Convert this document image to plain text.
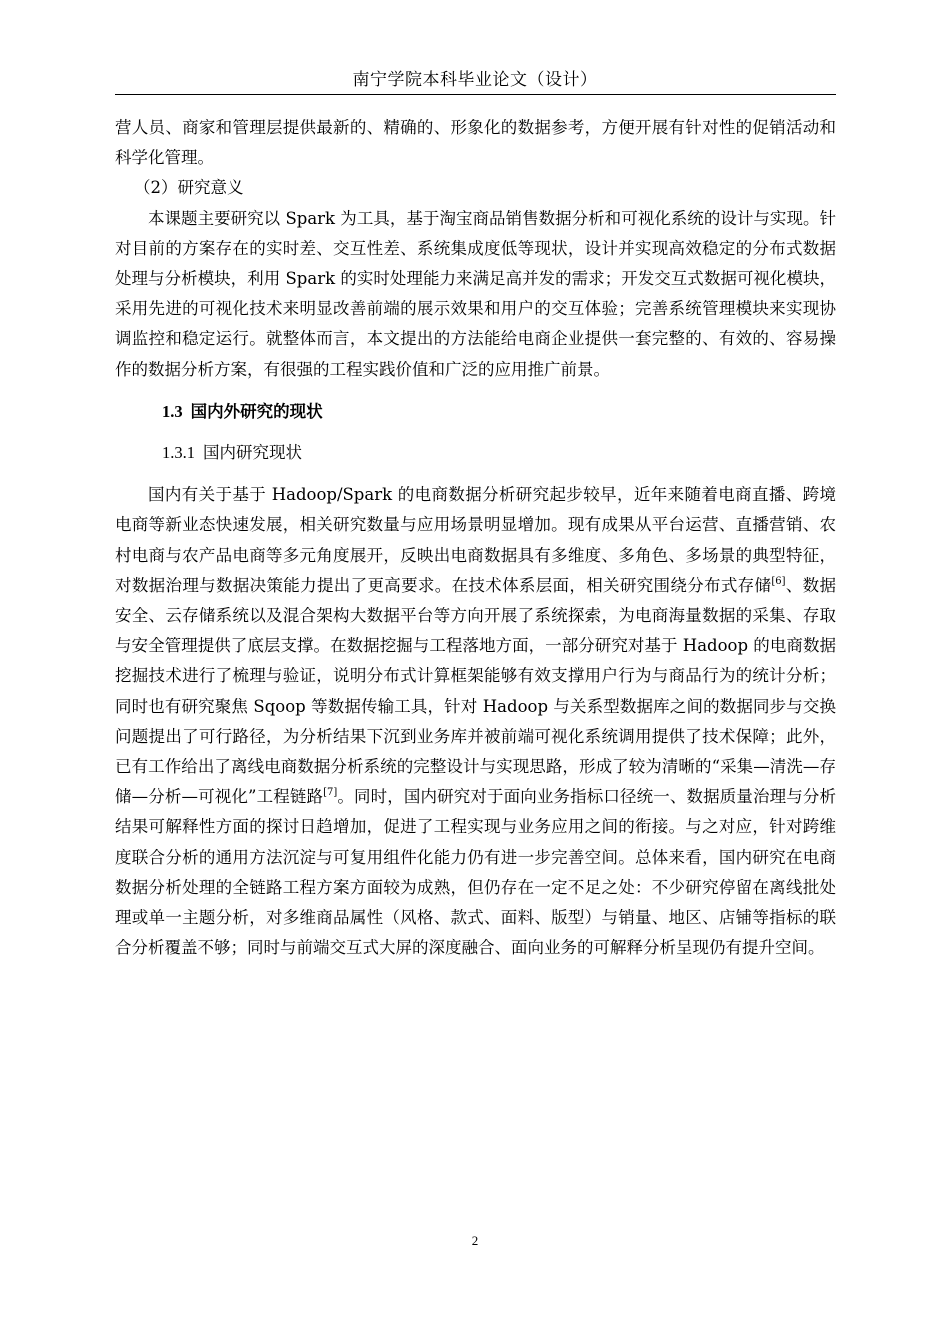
南宁学院本科毕业论文（设计）

营人员、商家和管理层提供最新的、精确的、形象化的数据参考，方便开展有针对性的促销活动和科学化管理。

（2）研究意义

本课题主要研究以 Spark 为工具，基于淘宝商品销售数据分析和可视化系统的设计与实现。针对目前的方案存在的实时差、交互性差、系统集成度低等现状，设计并实现高效稳定的分布式数据处理与分析模块，利用 Spark 的实时处理能力来满足高并发的需求；开发交互式数据可视化模块，采用先进的可视化技术来明显改善前端的展示效果和用户的交互体验；完善系统管理模块来实现协调监控和稳定运行。就整体而言，本文提出的方法能给电商企业提供一套完整的、有效的、容易操作的数据分析方案，有很强的工程实践价值和广泛的应用推广前景。

1.3 国内外研究的现状

1.3.1 国内研究现状

国内有关于基于 Hadoop/Spark 的电商数据分析研究起步较早，近年来随着电商直播、跨境电商等新业态快速发展，相关研究数量与应用场景明显增加。现有成果从平台运营、直播营销、农村电商与农产品电商等多元角度展开，反映出电商数据具有多维度、多角色、多场景的典型特征，对数据治理与数据决策能力提出了更高要求。在技术体系层面，相关研究围绕分布式存储[6]、数据安全、云存储系统以及混合架构大数据平台等方向开展了系统探索，为电商海量数据的采集、存取与安全管理提供了底层支撑。在数据挖掘与工程落地方面，一部分研究对基于 Hadoop 的电商数据挖掘技术进行了梳理与验证，说明分布式计算框架能够有效支撑用户行为与商品行为的统计分析；同时也有研究聚焦 Sqoop 等数据传输工具，针对 Hadoop 与关系型数据库之间的数据同步与交换问题提出了可行路径，为分析结果下沉到业务库并被前端可视化系统调用提供了技术保障；此外，已有工作给出了离线电商数据分析系统的完整设计与实现思路，形成了较为清晰的“采集—清洗—存储—分析—可视化”工程链路[7]。同时，国内研究对于面向业务指标口径统一、数据质量治理与分析结果可解释性方面的探讨日趋增加，促进了工程实现与业务应用之间的衔接。与之对应，针对跨维度联合分析的通用方法沉淀与可复用组件化能力仍有进一步完善空间。总体来看，国内研究在电商数据分析处理的全链路工程方案方面较为成熟，但仍存在一定不足之处：不少研究停留在离线批处理或单一主题分析，对多维商品属性（风格、款式、面料、版型）与销量、地区、店铺等指标的联合分析覆盖不够；同时与前端交互式大屏的深度融合、面向业务的可解释分析呈现仍有提升空间。

2
